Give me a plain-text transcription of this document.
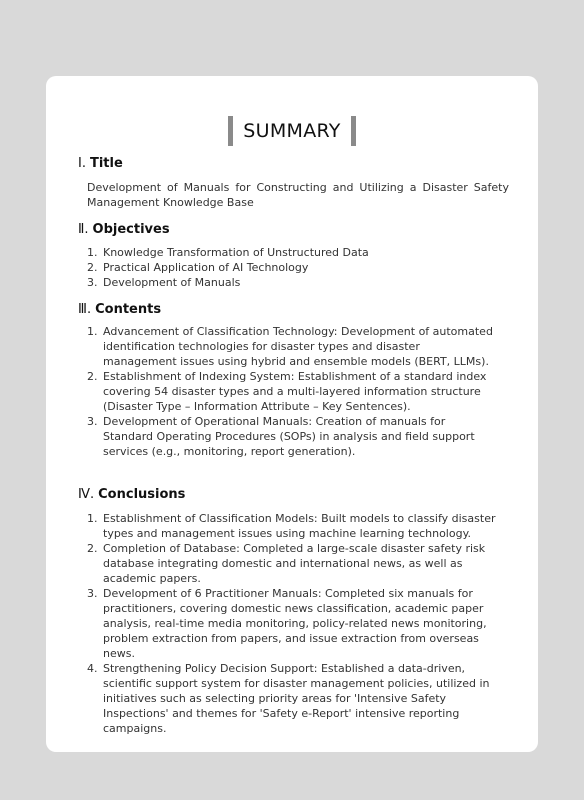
SUMMARY
Ⅰ. Title
Development of Manuals for Constructing and Utilizing a Disaster Safety Management Knowledge Base
Ⅱ. Objectives
1. Knowledge Transformation of Unstructured Data
2. Practical Application of AI Technology
3. Development of Manuals
Ⅲ. Contents
1. Advancement of Classification Technology: Development of automated identification technologies for disaster types and disaster management issues using hybrid and ensemble models (BERT, LLMs).
2. Establishment of Indexing System: Establishment of a standard index covering 54 disaster types and a multi-layered information structure (Disaster Type – Information Attribute – Key Sentences).
3. Development of Operational Manuals: Creation of manuals for Standard Operating Procedures (SOPs) in analysis and field support services (e.g., monitoring, report generation).
Ⅳ. Conclusions
1. Establishment of Classification Models: Built models to classify disaster types and management issues using machine learning technology.
2. Completion of Database: Completed a large-scale disaster safety risk database integrating domestic and international news, as well as academic papers.
3. Development of 6 Practitioner Manuals: Completed six manuals for practitioners, covering domestic news classification, academic paper analysis, real-time media monitoring, policy-related news monitoring, problem extraction from papers, and issue extraction from overseas news.
4. Strengthening Policy Decision Support: Established a data-driven, scientific support system for disaster management policies, utilized in initiatives such as selecting priority areas for 'Intensive Safety Inspections' and themes for 'Safety e-Report' intensive reporting campaigns.
